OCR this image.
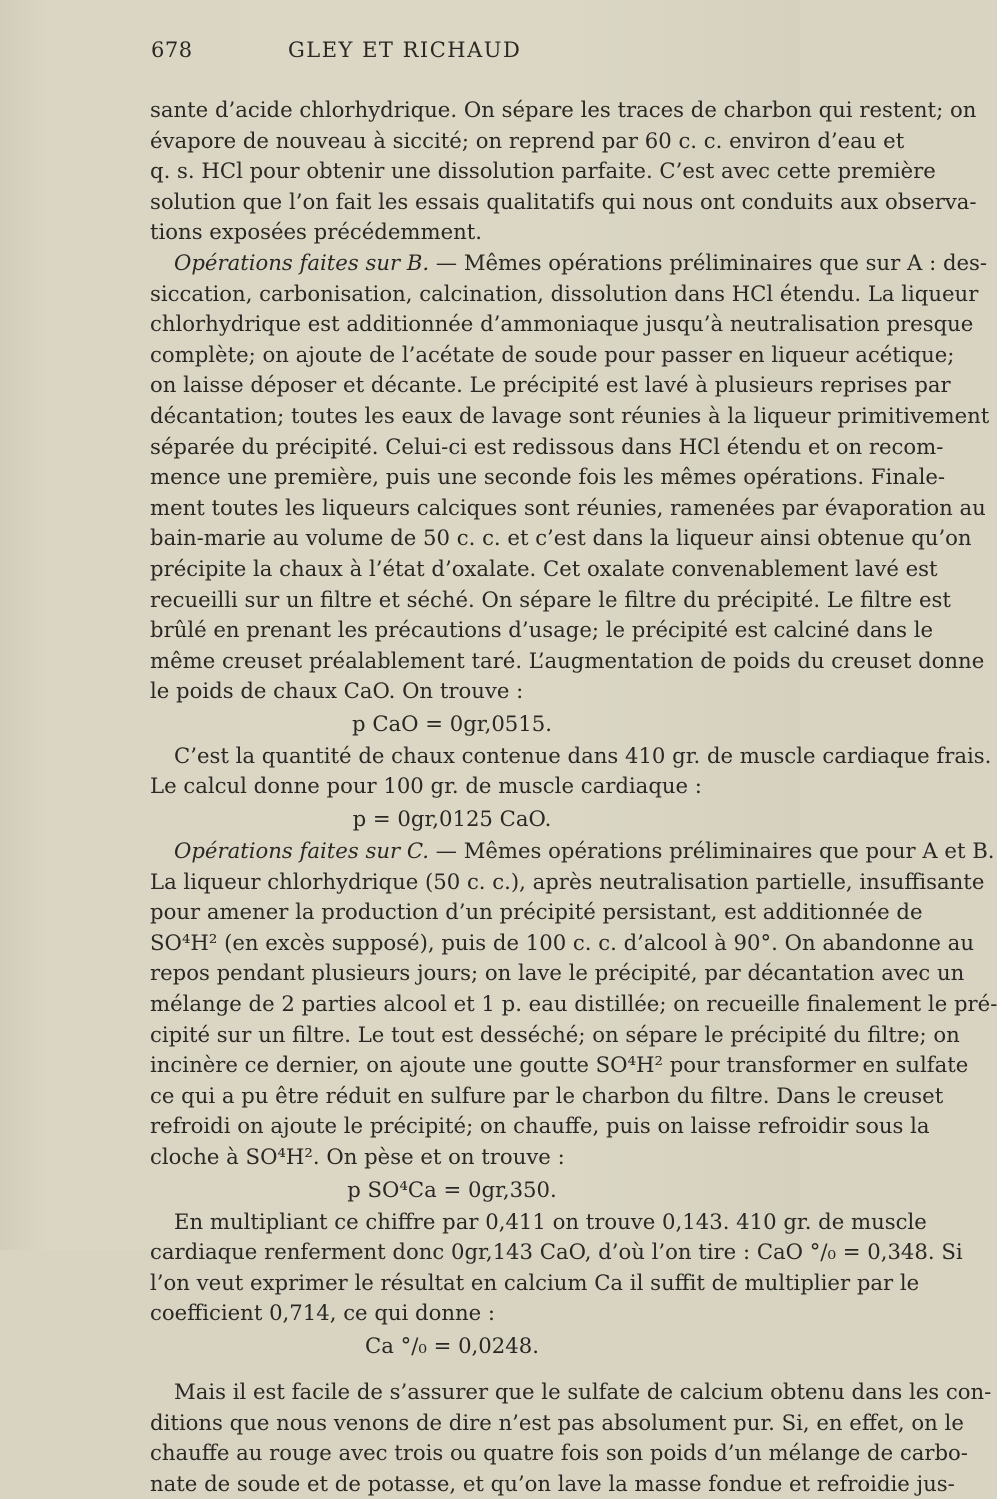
678	GLEY ET RICHAUD
sante d’acide chlorhydrique. On sépare les traces de charbon qui restent; on
évapore de nouveau à siccité; on reprend par 60 c. c. environ d’eau et
q. s. HCl pour obtenir une dissolution parfaite. C’est avec cette première
solution que l’on fait les essais qualitatifs qui nous ont conduits aux observa-
tions exposées précédemment.
Opérations faites sur B. — Mêmes opérations préliminaires que sur A : des-
siccation, carbonisation, calcination, dissolution dans HCl étendu. La liqueur
chlorhydrique est additionnée d’ammoniaque jusqu’à neutralisation presque
complète; on ajoute de l’acétate de soude pour passer en liqueur acétique;
on laisse déposer et décante. Le précipité est lavé à plusieurs reprises par
décantation; toutes les eaux de lavage sont réunies à la liqueur primitivement
séparée du précipité. Celui-ci est redissous dans HCl étendu et on recom-
mence une première, puis une seconde fois les mêmes opérations. Finale-
ment toutes les liqueurs calciques sont réunies, ramenées par évaporation au
bain-marie au volume de 50 c. c. et c’est dans la liqueur ainsi obtenue qu’on
précipite la chaux à l’état d’oxalate. Cet oxalate convenablement lavé est
recueilli sur un filtre et séché. On sépare le filtre du précipité. Le filtre est
brûlé en prenant les précautions d’usage; le précipité est calciné dans le
même creuset préalablement taré. L’augmentation de poids du creuset donne
le poids de chaux CaO. On trouve :
p CaO = 0gr,0515.
C’est la quantité de chaux contenue dans 410 gr. de muscle cardiaque frais.
Le calcul donne pour 100 gr. de muscle cardiaque :
p = 0gr,0125 CaO.
Opérations faites sur C. — Mêmes opérations préliminaires que pour A et B.
La liqueur chlorhydrique (50 c. c.), après neutralisation partielle, insuffisante
pour amener la production d’un précipité persistant, est additionnée de
SO⁴H² (en excès supposé), puis de 100 c. c. d’alcool à 90°. On abandonne au
repos pendant plusieurs jours; on lave le précipité, par décantation avec un
mélange de 2 parties alcool et 1 p. eau distillée; on recueille finalement le pré-
cipité sur un filtre. Le tout est desséché; on sépare le précipité du filtre; on
incinère ce dernier, on ajoute une goutte SO⁴H² pour transformer en sulfate
ce qui a pu être réduit en sulfure par le charbon du filtre. Dans le creuset
refroidi on ajoute le précipité; on chauffe, puis on laisse refroidir sous la
cloche à SO⁴H². On pèse et on trouve :
p SO⁴Ca = 0gr,350.
En multipliant ce chiffre par 0,411 on trouve 0,143. 410 gr. de muscle
cardiaque renferment donc 0gr,143 CaO, d’où l’on tire : CaO °/₀ = 0,348. Si
l’on veut exprimer le résultat en calcium Ca il suffit de multiplier par le
coefficient 0,714, ce qui donne :
Ca °/₀ = 0,0248.
Mais il est facile de s’assurer que le sulfate de calcium obtenu dans les con-
ditions que nous venons de dire n’est pas absolument pur. Si, en effet, on le
chauffe au rouge avec trois ou quatre fois son poids d’un mélange de carbo-
nate de soude et de potasse, et qu’on lave la masse fondue et refroidie jus-
